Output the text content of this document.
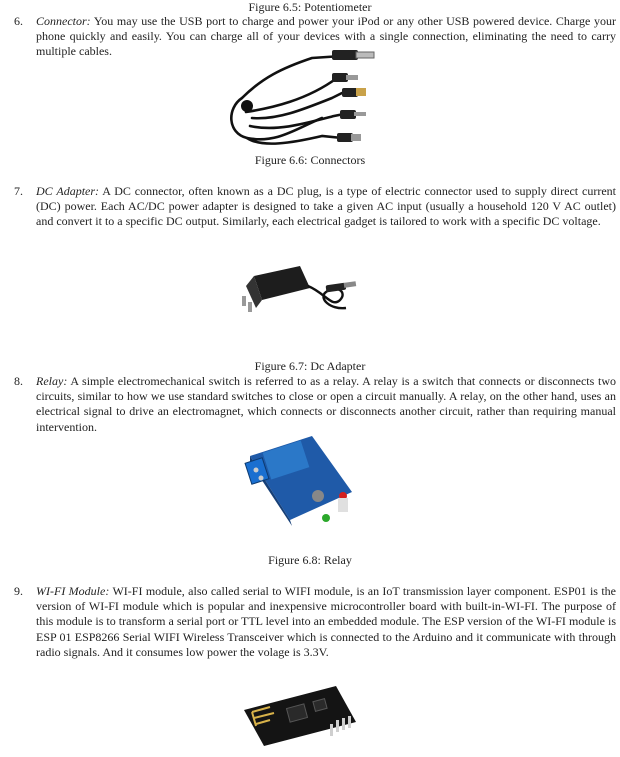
Figure 6.5: Potentiometer
6.	Connector: You may use the USB port to charge and power your iPod or any other USB powered device. Charge your phone quickly and easily. You can charge all of your devices with a single connection, eliminating the need to carry multiple cables.
Figure 6.6: Connectors
7.	DC Adapter: A DC connector, often known as a DC plug, is a type of electric connector used to supply direct current (DC) power. Each AC/DC power adapter is designed to take a given AC input (usually a household 120 V AC outlet) and convert it to a specific DC output. Similarly, each electrical gadget is tailored to work with a specific DC voltage.
Figure 6.7: Dc Adapter
8.	Relay: A simple electromechanical switch is referred to as a relay. A relay is a switch that connects or disconnects two circuits, similar to how we use standard switches to close or open a circuit manually. A relay, on the other hand, uses an electrical signal to drive an electromagnet, which connects or disconnects another circuit, rather than requiring manual intervention.
Figure 6.8: Relay
9.	WI-FI Module: WI-FI module, also called serial to WIFI module, is an IoT transmission layer component. ESP01 is the version of WI-FI module which is popular and inexpensive microcontroller board with built-in-WI-FI. The purpose of this module is to transform a serial port or TTL level into an embedded module. The ESP version of the WI-FI module is ESP 01 ESP8266 Serial WIFI Wireless Transceiver which is connected to the Arduino and it communicate with through radio signals. And it consumes low power the volage is 3.3V.
